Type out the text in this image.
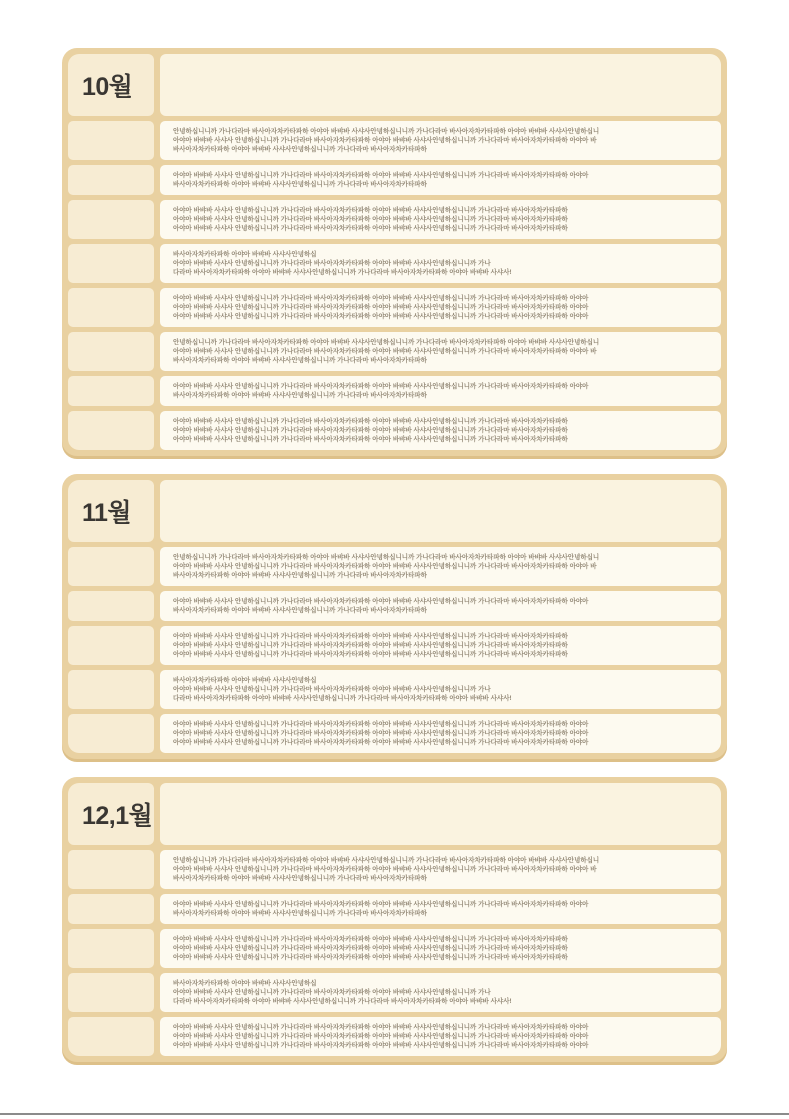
10월

안녕하십니니까 가나다라마 바사아자차카타파하 아야아 바뱌바 사샤사안녕하십니니까 가나다라마 바사아자차카타파하 아야아 바뱌바 사샤사안녕하십니

아야아 바뱌바 사샤사 안녕하십니니까 가나다라마 바사아자차카타파하 아야아 바뱌바 사샤사안녕하십니니까 가나다라마 바사아자차카타파하 아야아 바

바사아자차카타파하 아야아 바뱌바 사샤사안녕하십니니까 가나다라마 바사아자차카타파하

아야아 바뱌바 사샤사 안녕하십니니까 가나다라마 바사아자차카타파하 아야아 바뱌바 사샤사안녕하십니니까 가나다라마 바사아자차카타파하 아야아

바사아자차카타파하 아야아 바뱌바 사샤사안녕하십니니까 가나다라마 바사아자차카타파하

아야아 바뱌바 사샤사 안녕하십니니까 가나다라마 바사아자차카타파하 아야아 바뱌바 사샤사안녕하십니니까 가나다라마 바사아자차카타파하

아야아 바뱌바 사샤사 안녕하십니니까 가나다라마 바사아자차카타파하 아야아 바뱌바 사샤사안녕하십니니까 가나다라마 바사아자차카타파하

아야아 바뱌바 사샤사 안녕하십니니까 가나다라마 바사아자차카타파하 아야아 바뱌바 사샤사안녕하십니니까 가나다라마 바사아자차카타파하

바사아자차카타파하 아야아 바뱌바 사샤사안녕하십

아야아 바뱌바 사샤사 안녕하십니니까 가나다라마 바사아자차카타파하 아야아 바뱌바 사샤사안녕하십니니까 가나

다라마 바사아자차카타파하 아야아 바뱌바 사샤사안녕하십니니까 가나다라마 바사아자차카타파하 아야아 바뱌바 사샤사!

아야아 바뱌바 사샤사 안녕하십니니까 가나다라마 바사아자차카타파하 아야아 바뱌바 사샤사안녕하십니니까 가나다라마 바사아자차카타파하 아야아

아야아 바뱌바 사샤사 안녕하십니니까 가나다라마 바사아자차카타파하 아야아 바뱌바 사샤사안녕하십니니까 가나다라마 바사아자차카타파하 아야아

아야아 바뱌바 사샤사 안녕하십니니까 가나다라마 바사아자차카타파하 아야아 바뱌바 사샤사안녕하십니니까 가나다라마 바사아자차카타파하 아야아

안녕하십니니까 가나다라마 바사아자차카타파하 아야아 바뱌바 사샤사안녕하십니니까 가나다라마 바사아자차카타파하 아야아 바뱌바 사샤사안녕하십니

아야아 바뱌바 사샤사 안녕하십니니까 가나다라마 바사아자차카타파하 아야아 바뱌바 사샤사안녕하십니니까 가나다라마 바사아자차카타파하 아야아 바

바사아자차카타파하 아야아 바뱌바 사샤사안녕하십니니까 가나다라마 바사아자차카타파하

아야아 바뱌바 사샤사 안녕하십니니까 가나다라마 바사아자차카타파하 아야아 바뱌바 사샤사안녕하십니니까 가나다라마 바사아자차카타파하 아야아

바사아자차카타파하 아야아 바뱌바 사샤사안녕하십니니까 가나다라마 바사아자차카타파하

아야아 바뱌바 사샤사 안녕하십니니까 가나다라마 바사아자차카타파하 아야아 바뱌바 사샤사안녕하십니니까 가나다라마 바사아자차카타파하

아야아 바뱌바 사샤사 안녕하십니니까 가나다라마 바사아자차카타파하 아야아 바뱌바 사샤사안녕하십니니까 가나다라마 바사아자차카타파하

아야아 바뱌바 사샤사 안녕하십니니까 가나다라마 바사아자차카타파하 아야아 바뱌바 사샤사안녕하십니니까 가나다라마 바사아자차카타파하

11월

안녕하십니니까 가나다라마 바사아자차카타파하 아야아 바뱌바 사샤사안녕하십니니까 가나다라마 바사아자차카타파하 아야아 바뱌바 사샤사안녕하십니

아야아 바뱌바 사샤사 안녕하십니니까 가나다라마 바사아자차카타파하 아야아 바뱌바 사샤사안녕하십니니까 가나다라마 바사아자차카타파하 아야아 바

바사아자차카타파하 아야아 바뱌바 사샤사안녕하십니니까 가나다라마 바사아자차카타파하

아야아 바뱌바 사샤사 안녕하십니니까 가나다라마 바사아자차카타파하 아야아 바뱌바 사샤사안녕하십니니까 가나다라마 바사아자차카타파하 아야아

바사아자차카타파하 아야아 바뱌바 사샤사안녕하십니니까 가나다라마 바사아자차카타파하

아야아 바뱌바 사샤사 안녕하십니니까 가나다라마 바사아자차카타파하 아야아 바뱌바 사샤사안녕하십니니까 가나다라마 바사아자차카타파하

아야아 바뱌바 사샤사 안녕하십니니까 가나다라마 바사아자차카타파하 아야아 바뱌바 사샤사안녕하십니니까 가나다라마 바사아자차카타파하

아야아 바뱌바 사샤사 안녕하십니니까 가나다라마 바사아자차카타파하 아야아 바뱌바 사샤사안녕하십니니까 가나다라마 바사아자차카타파하

바사아자차카타파하 아야아 바뱌바 사샤사안녕하십

아야아 바뱌바 사샤사 안녕하십니니까 가나다라마 바사아자차카타파하 아야아 바뱌바 사샤사안녕하십니니까 가나

다라마 바사아자차카타파하 아야아 바뱌바 사샤사안녕하십니니까 가나다라마 바사아자차카타파하 아야아 바뱌바 사샤사!

아야아 바뱌바 사샤사 안녕하십니니까 가나다라마 바사아자차카타파하 아야아 바뱌바 사샤사안녕하십니니까 가나다라마 바사아자차카타파하 아야아

아야아 바뱌바 사샤사 안녕하십니니까 가나다라마 바사아자차카타파하 아야아 바뱌바 사샤사안녕하십니니까 가나다라마 바사아자차카타파하 아야아

아야아 바뱌바 사샤사 안녕하십니니까 가나다라마 바사아자차카타파하 아야아 바뱌바 사샤사안녕하십니니까 가나다라마 바사아자차카타파하 아야아

12,1월

안녕하십니니까 가나다라마 바사아자차카타파하 아야아 바뱌바 사샤사안녕하십니니까 가나다라마 바사아자차카타파하 아야아 바뱌바 사샤사안녕하십니

아야아 바뱌바 사샤사 안녕하십니니까 가나다라마 바사아자차카타파하 아야아 바뱌바 사샤사안녕하십니니까 가나다라마 바사아자차카타파하 아야아 바

바사아자차카타파하 아야아 바뱌바 사샤사안녕하십니니까 가나다라마 바사아자차카타파하

아야아 바뱌바 사샤사 안녕하십니니까 가나다라마 바사아자차카타파하 아야아 바뱌바 사샤사안녕하십니니까 가나다라마 바사아자차카타파하 아야아

바사아자차카타파하 아야아 바뱌바 사샤사안녕하십니니까 가나다라마 바사아자차카타파하

아야아 바뱌바 사샤사 안녕하십니니까 가나다라마 바사아자차카타파하 아야아 바뱌바 사샤사안녕하십니니까 가나다라마 바사아자차카타파하

아야아 바뱌바 사샤사 안녕하십니니까 가나다라마 바사아자차카타파하 아야아 바뱌바 사샤사안녕하십니니까 가나다라마 바사아자차카타파하

아야아 바뱌바 사샤사 안녕하십니니까 가나다라마 바사아자차카타파하 아야아 바뱌바 사샤사안녕하십니니까 가나다라마 바사아자차카타파하

바사아자차카타파하 아야아 바뱌바 사샤사안녕하십

아야아 바뱌바 사샤사 안녕하십니니까 가나다라마 바사아자차카타파하 아야아 바뱌바 사샤사안녕하십니니까 가나

다라마 바사아자차카타파하 아야아 바뱌바 사샤사안녕하십니니까 가나다라마 바사아자차카타파하 아야아 바뱌바 사샤사!

아야아 바뱌바 사샤사 안녕하십니니까 가나다라마 바사아자차카타파하 아야아 바뱌바 사샤사안녕하십니니까 가나다라마 바사아자차카타파하 아야아

아야아 바뱌바 사샤사 안녕하십니니까 가나다라마 바사아자차카타파하 아야아 바뱌바 사샤사안녕하십니니까 가나다라마 바사아자차카타파하 아야아

아야아 바뱌바 사샤사 안녕하십니니까 가나다라마 바사아자차카타파하 아야아 바뱌바 사샤사안녕하십니니까 가나다라마 바사아자차카타파하 아야아
